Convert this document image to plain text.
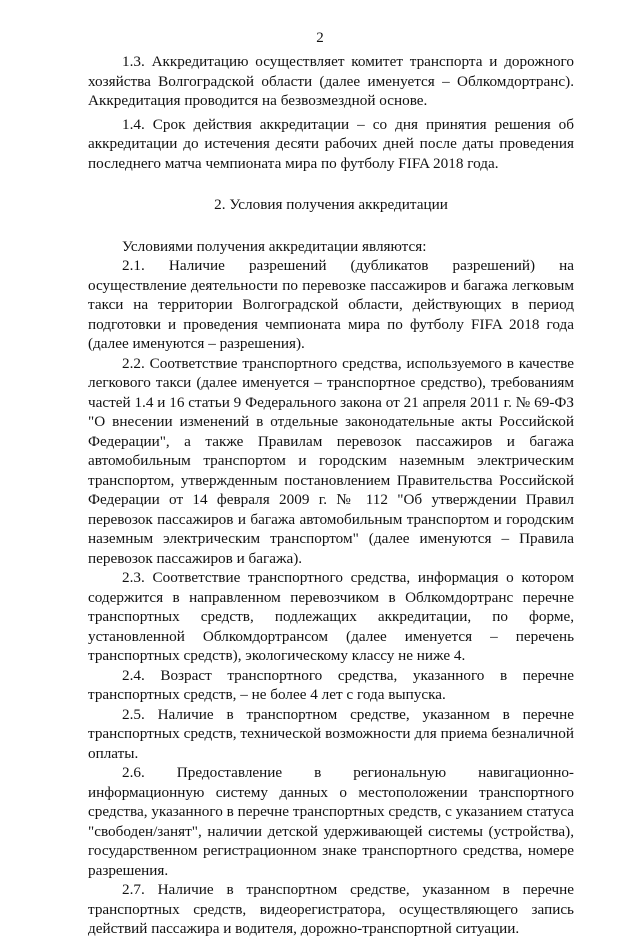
2

1.3. Аккредитацию осуществляет комитет транспорта и дорожного хозяйства Волгоградской области (далее именуется – Облкомдортранс). Аккредитация проводится на безвозмездной основе.

1.4. Срок действия аккредитации – со дня принятия решения об аккредитации до истечения десяти рабочих дней после даты проведения последнего матча чемпионата мира по футболу FIFA 2018 года.

2. Условия получения аккредитации

Условиями получения аккредитации являются:

2.1. Наличие разрешений (дубликатов разрешений) на осуществление деятельности по перевозке пассажиров и багажа легковым такси на территории Волгоградской области, действующих в период подготовки и проведения чемпионата мира по футболу FIFA 2018 года (далее именуются – разрешения).

2.2. Соответствие транспортного средства, используемого в качестве легкового такси (далее именуется – транспортное средство), требованиям частей 1.4 и 16 статьи 9 Федерального закона от 21 апреля 2011 г. № 69-ФЗ "О внесении изменений в отдельные законодательные акты Российской Федерации", а также Правилам перевозок пассажиров и багажа автомобильным транспортом и городским наземным электрическим транспортом, утвержденным постановлением Правительства Российской Федерации от 14 февраля 2009 г. № 112 "Об утверждении Правил перевозок пассажиров и багажа автомобильным транспортом и городским наземным электрическим транспортом" (далее именуются – Правила перевозок пассажиров и багажа).

2.3. Соответствие транспортного средства, информация о котором содержится в направленном перевозчиком в Облкомдортранс перечне транспортных средств, подлежащих аккредитации, по форме, установленной Облкомдортрансом (далее именуется – перечень транспортных средств), экологическому классу не ниже 4.

2.4. Возраст транспортного средства, указанного в перечне транспортных средств, – не более 4 лет с года выпуска.

2.5. Наличие в транспортном средстве, указанном в перечне транспортных средств, технической возможности для приема безналичной оплаты.

2.6. Предоставление в региональную навигационно-информационную систему данных о местоположении транспортного средства, указанного в перечне транспортных средств, с указанием статуса "свободен/занят", наличии детской удерживающей системы (устройства), государственном регистрационном знаке транспортного средства, номере разрешения.

2.7. Наличие в транспортном средстве, указанном в перечне транспортных средств, видеорегистратора, осуществляющего запись действий пассажира и водителя, дорожно-транспортной ситуации.
